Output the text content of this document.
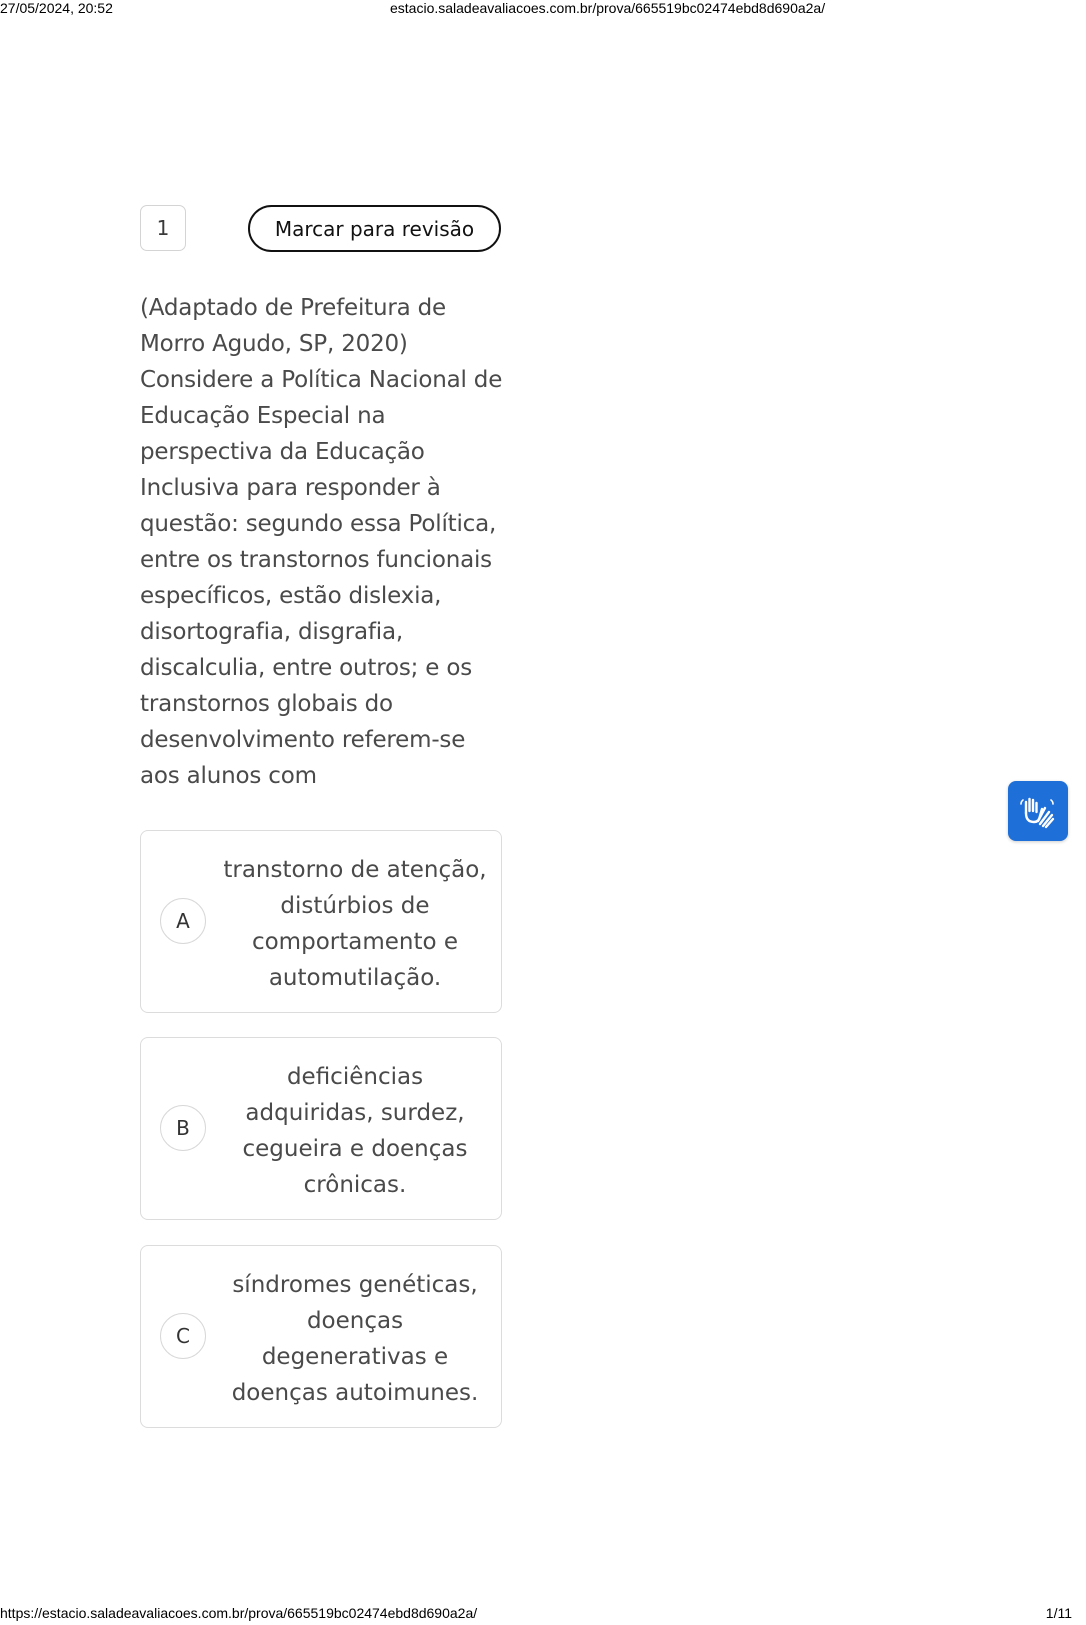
27/05/2024, 20:52	estacio.saladeavaliacoes.com.br/prova/665519bc02474ebd8d690a2a/
1	Marcar para revisão
(Adaptado de Prefeitura de Morro Agudo, SP, 2020) Considere a Política Nacional de Educação Especial na perspectiva da Educação Inclusiva para responder à questão: segundo essa Política, entre os transtornos funcionais específicos, estão dislexia, disortografia, disgrafia, discalculia, entre outros; e os transtornos globais do desenvolvimento referem-se aos alunos com
A
transtorno de atenção, distúrbios de comportamento e automutilação.
B
deficiências adquiridas, surdez, cegueira e doenças crônicas.
C
síndromes genéticas, doenças degenerativas e doenças autoimunes.
https://estacio.saladeavaliacoes.com.br/prova/665519bc02474ebd8d690a2a/	1/11
